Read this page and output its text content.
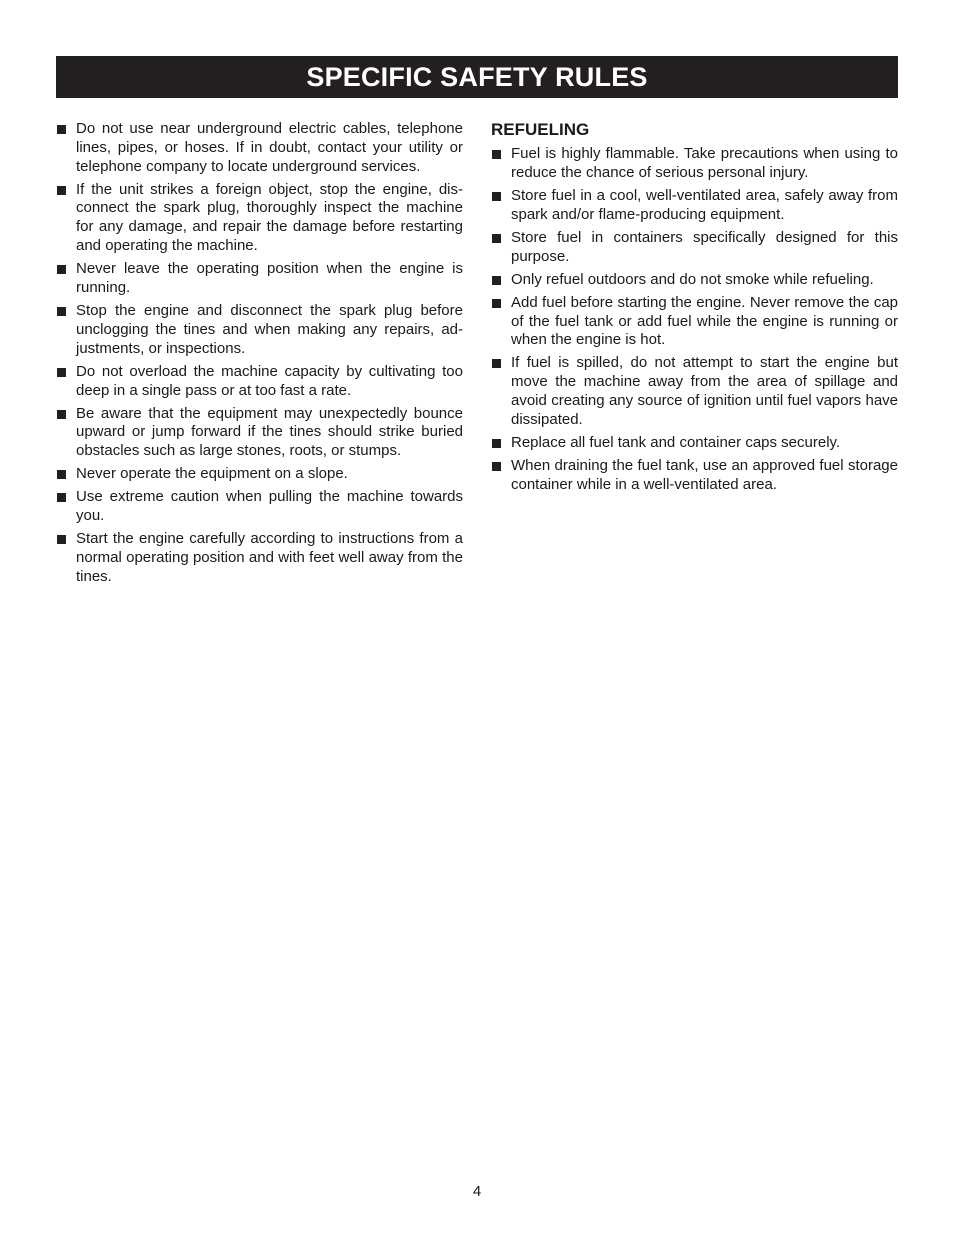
SPECIFIC SAFETY RULES
Do not use near underground electric cables, telephone lines, pipes, or hoses. If in doubt, contact your utility or telephone company to locate underground services.
If the unit strikes a foreign object, stop the engine, dis-connect the spark plug, thoroughly inspect the machine for any damage, and repair the damage before restarting and operating the machine.
Never leave the operating position when the engine is running.
Stop the engine and disconnect the spark plug before unclogging the tines and when making any repairs, ad-justments, or inspections.
Do not overload the machine capacity by cultivating too deep in a single pass or at too fast a rate.
Be aware that the equipment may unexpectedly bounce upward or jump forward if the tines should strike buried obstacles such as large stones, roots, or stumps.
Never operate the equipment on a slope.
Use extreme caution when pulling the machine towards you.
Start the engine carefully according to instructions from a normal operating position and with feet well away from the tines.
REFUELING
Fuel is highly flammable. Take precautions when using to reduce the chance of serious personal injury.
Store fuel in a cool, well-ventilated area, safely away from spark and/or flame-producing equipment.
Store fuel in containers specifically designed for this purpose.
Only refuel outdoors and do not smoke while refueling.
Add fuel before starting the engine. Never remove the cap of the fuel tank or add fuel while the engine is running or when the engine is hot.
If fuel is spilled, do not attempt to start the engine but move the machine away from the area of spillage and avoid creating any source of ignition until fuel vapors have dissipated.
Replace all fuel tank and container caps securely.
When draining the fuel tank, use an approved fuel storage container while in a well-ventilated area.
4
